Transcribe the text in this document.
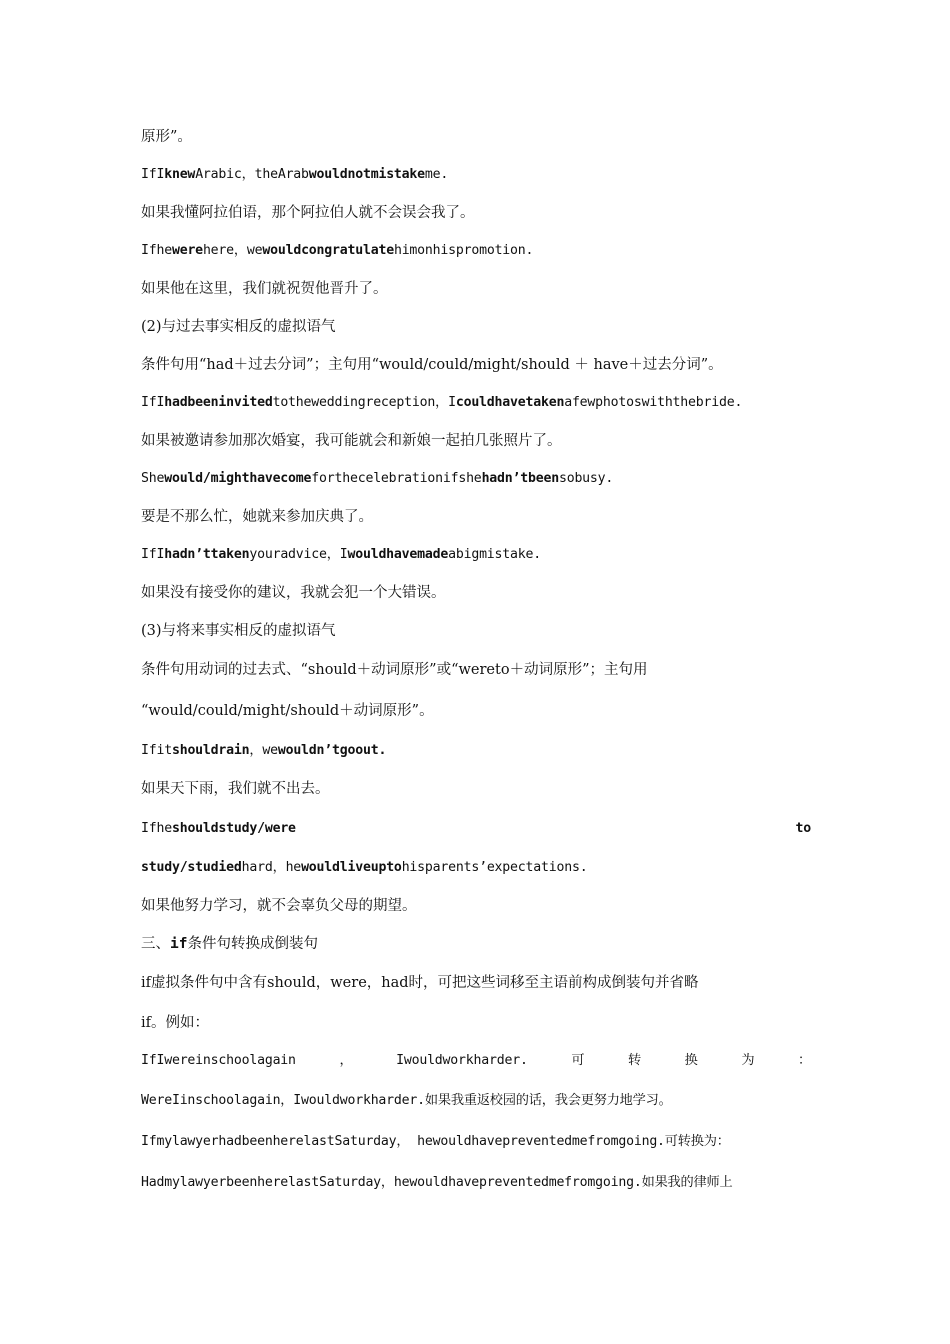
原形”。
IfIknewArabic，theArabwouldnotmistakeme.
如果我懂阿拉伯语，那个阿拉伯人就不会误会我了。
Ifhewerehere，wewouldcongratulatehimonhispromotion.
如果他在这里，我们就祝贺他晋升了。
(2)与过去事实相反的虚拟语气
条件句用“had＋过去分词”；主句用“would/could/might/should ＋ have＋过去分词”。
IfIhadbeeninvitedtotheweddingreception，Icouldhavetakenafewphotoswiththebride.
如果被邀请参加那次婚宴，我可能就会和新娘一起拍几张照片了。
Shewould/mighthavecomeforthecelebrationifshehadn’tbeensobusy.
要是不那么忙，她就来参加庆典了。
IfIhadn’ttakenyouradvice，Iwouldhavemadeabigmistake.
如果没有接受你的建议，我就会犯一个大错误。
(3)与将来事实相反的虚拟语气
条件句用动词的过去式、“should＋动词原形”或“wereto＋动词原形”；主句用
“would/could/might/should＋动词原形”。
Ifitshouldrain，wewouldn’tgoout.
如果天下雨，我们就不出去。
Ifheshouldstudy/were	to
study/studiedhard，hewouldliveuptohisparents’expectations.
如果他努力学习，就不会辜负父母的期望。
三、if条件句转换成倒装句
if虚拟条件句中含有should，were，had时，可把这些词移至主语前构成倒装句并省略
if。例如：
IfIwereinschoolagain	，	Iwouldworkharder.	可	转	换	为	：
WereIinschoolagain，Iwouldworkharder.如果我重返校园的话，我会更努力地学习。
IfmylawyerhadbeenherelastSaturday， hewouldhavepreventedmefromgoing.可转换为：
HadmylawyerbeenherelastSaturday，hewouldhavepreventedmefromgoing.如果我的律师上
